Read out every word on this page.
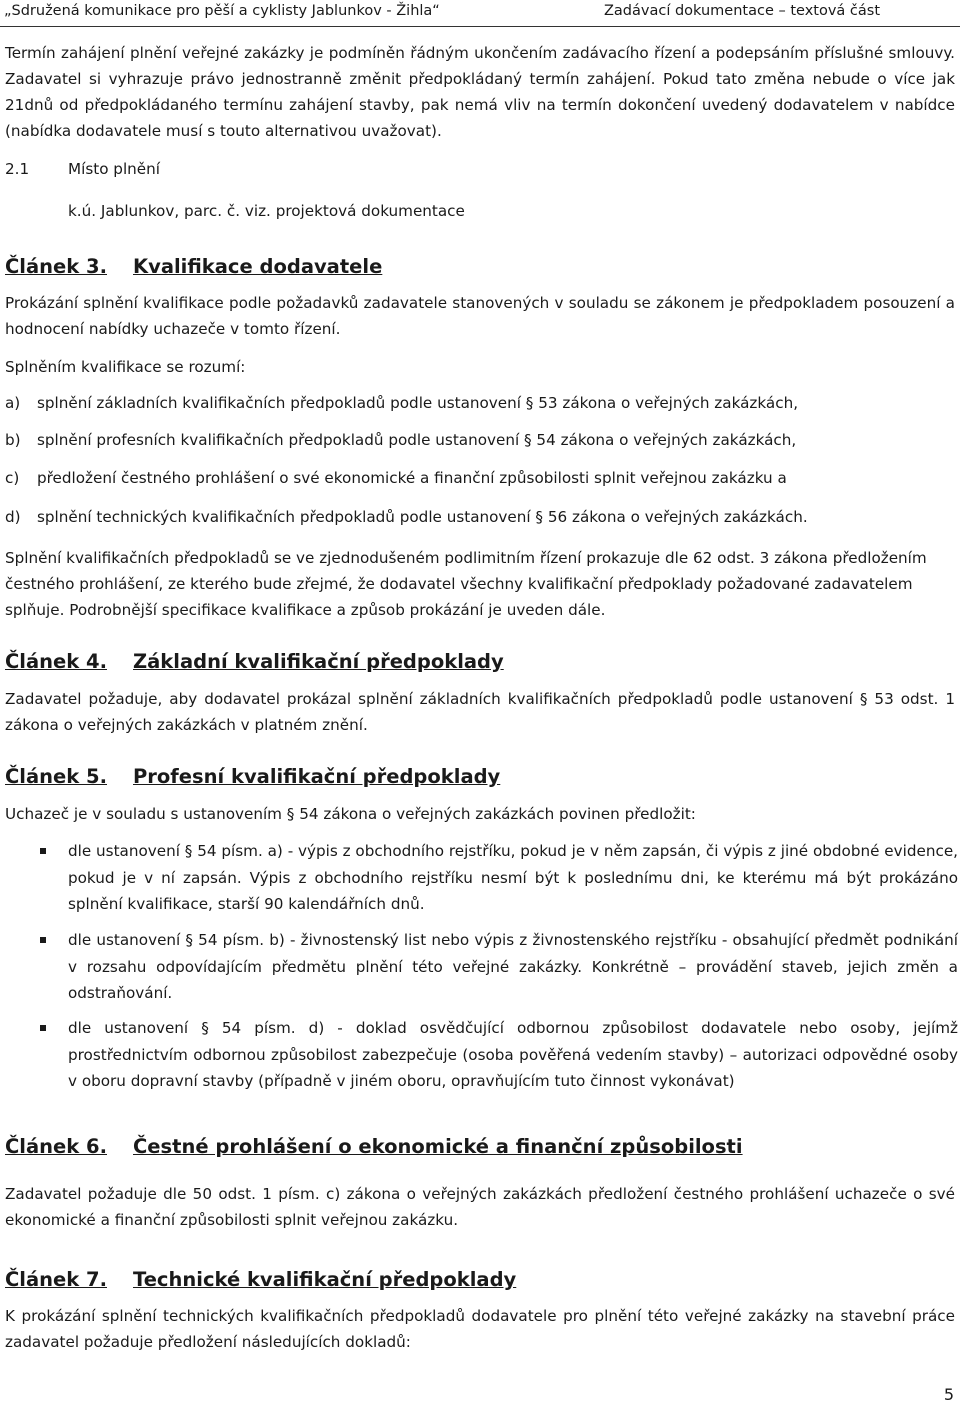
„Sdružená komunikace pro pěší a cyklisty Jablunkov - Žihla“	Zadávací dokumentace – textová část

Termín zahájení plnění veřejné zakázky je podmíněn řádným ukončením zadávacího řízení a podepsáním příslušné smlouvy. Zadavatel si vyhrazuje právo jednostranně změnit předpokládaný termín zahájení. Pokud tato změna nebude o více jak 21dnů od předpokládaného termínu zahájení stavby, pak nemá vliv na termín dokončení uvedený dodavatelem v nabídce (nabídka dodavatele musí s touto alternativou uvažovat).

2.1	Místo plnění
k.ú. Jablunkov, parc. č. viz. projektová dokumentace
Článek 3. Kvalifikace dodavatele

Prokázání splnění kvalifikace podle požadavků zadavatele stanovených v souladu se zákonem je předpokladem posouzení a hodnocení nabídky uchazeče v tomto řízení.

Splněním kvalifikace se rozumí:

a) splnění základních kvalifikačních předpokladů podle ustanovení § 53 zákona o veřejných zakázkách,
b) splnění profesních kvalifikačních předpokladů podle ustanovení § 54 zákona o veřejných zakázkách,
c) předložení čestného prohlášení o své ekonomické a finanční způsobilosti splnit veřejnou zakázku a
d) splnění technických kvalifikačních předpokladů podle ustanovení § 56 zákona o veřejných zakázkách.

Splnění kvalifikačních předpokladů se ve zjednodušeném podlimitním řízení prokazuje dle 62 odst. 3 zákona předložením čestného prohlášení, ze kterého bude zřejmé, že dodavatel všechny kvalifikační předpoklady požadované zadavatelem splňuje. Podrobnější specifikace kvalifikace a způsob prokázání je uveden dále.

Článek 4. Základní kvalifikační předpoklady

Zadavatel požaduje, aby dodavatel prokázal splnění základních kvalifikačních předpokladů podle ustanovení § 53 odst. 1 zákona o veřejných zakázkách v platném znění.

Článek 5. Profesní kvalifikační předpoklady

Uchazeč je v souladu s ustanovením § 54 zákona o veřejných zakázkách povinen předložit:

dle ustanovení § 54 písm. a) - výpis z obchodního rejstříku, pokud je v něm zapsán, či výpis z jiné obdobné evidence, pokud je v ní zapsán. Výpis z obchodního rejstříku nesmí být k poslednímu dni, ke kterému má být prokázáno splnění kvalifikace, starší 90 kalendářních dnů.

dle ustanovení § 54 písm. b) - živnostenský list nebo výpis z živnostenského rejstříku - obsahující předmět podnikání v rozsahu odpovídajícím předmětu plnění této veřejné zakázky. Konkrétně – provádění staveb, jejich změn a odstraňování.

dle ustanovení § 54 písm. d) - doklad osvědčující odbornou způsobilost dodavatele nebo osoby, jejímž prostřednictvím odbornou způsobilost zabezpečuje (osoba pověřená vedením stavby) – autorizaci odpovědné osoby v oboru dopravní stavby (případně v jiném oboru, opravňujícím tuto činnost vykonávat)

Článek 6. Čestné prohlášení o ekonomické a finanční způsobilosti

Zadavatel požaduje dle 50 odst. 1 písm. c) zákona o veřejných zakázkách předložení čestného prohlášení uchazeče o své ekonomické a finanční způsobilosti splnit veřejnou zakázku.

Článek 7. Technické kvalifikační předpoklady

K prokázání splnění technických kvalifikačních předpokladů dodavatele pro plnění této veřejné zakázky na stavební práce zadavatel požaduje předložení následujících dokladů:

5
